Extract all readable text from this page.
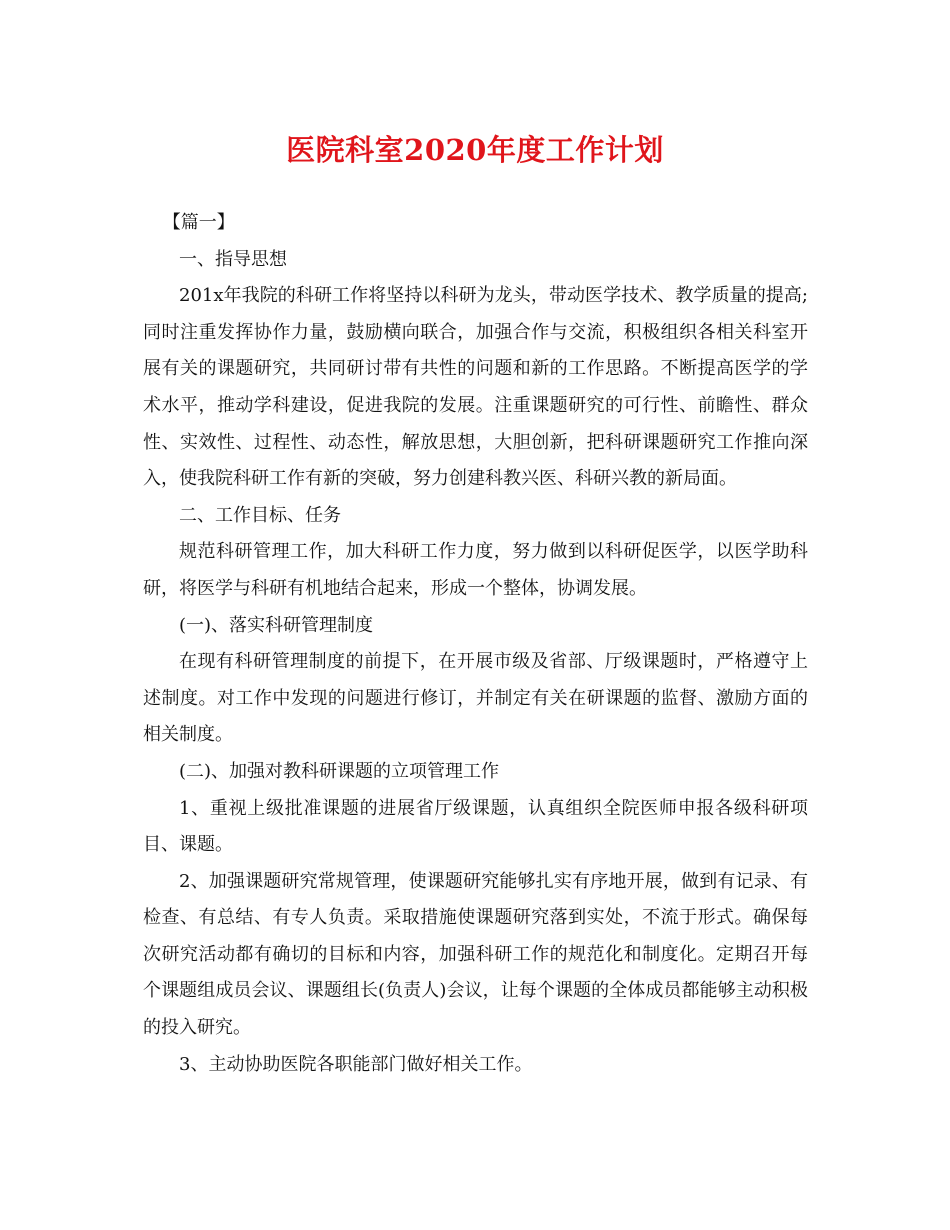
医院科室2020年度工作计划

【篇一】

一、指导思想

201x年我院的科研工作将坚持以科研为龙头，带动医学技术、教学质量的提高;同时注重发挥协作力量，鼓励横向联合，加强合作与交流，积极组织各相关科室开展有关的课题研究，共同研讨带有共性的问题和新的工作思路。不断提高医学的学术水平，推动学科建设，促进我院的发展。注重课题研究的可行性、前瞻性、群众性、实效性、过程性、动态性，解放思想，大胆创新，把科研课题研究工作推向深入，使我院科研工作有新的突破，努力创建科教兴医、科研兴教的新局面。

二、工作目标、任务

规范科研管理工作，加大科研工作力度，努力做到以科研促医学，以医学助科研，将医学与科研有机地结合起来，形成一个整体，协调发展。

(一)、落实科研管理制度

在现有科研管理制度的前提下，在开展市级及省部、厅级课题时，严格遵守上述制度。对工作中发现的问题进行修订，并制定有关在研课题的监督、激励方面的相关制度。

(二)、加强对教科研课题的立项管理工作

1、重视上级批准课题的进展省厅级课题，认真组织全院医师申报各级科研项目、课题。

2、加强课题研究常规管理，使课题研究能够扎实有序地开展，做到有记录、有检查、有总结、有专人负责。采取措施使课题研究落到实处，不流于形式。确保每次研究活动都有确切的目标和内容，加强科研工作的规范化和制度化。定期召开每个课题组成员会议、课题组长(负责人)会议，让每个课题的全体成员都能够主动积极的投入研究。

3、主动协助医院各职能部门做好相关工作。
